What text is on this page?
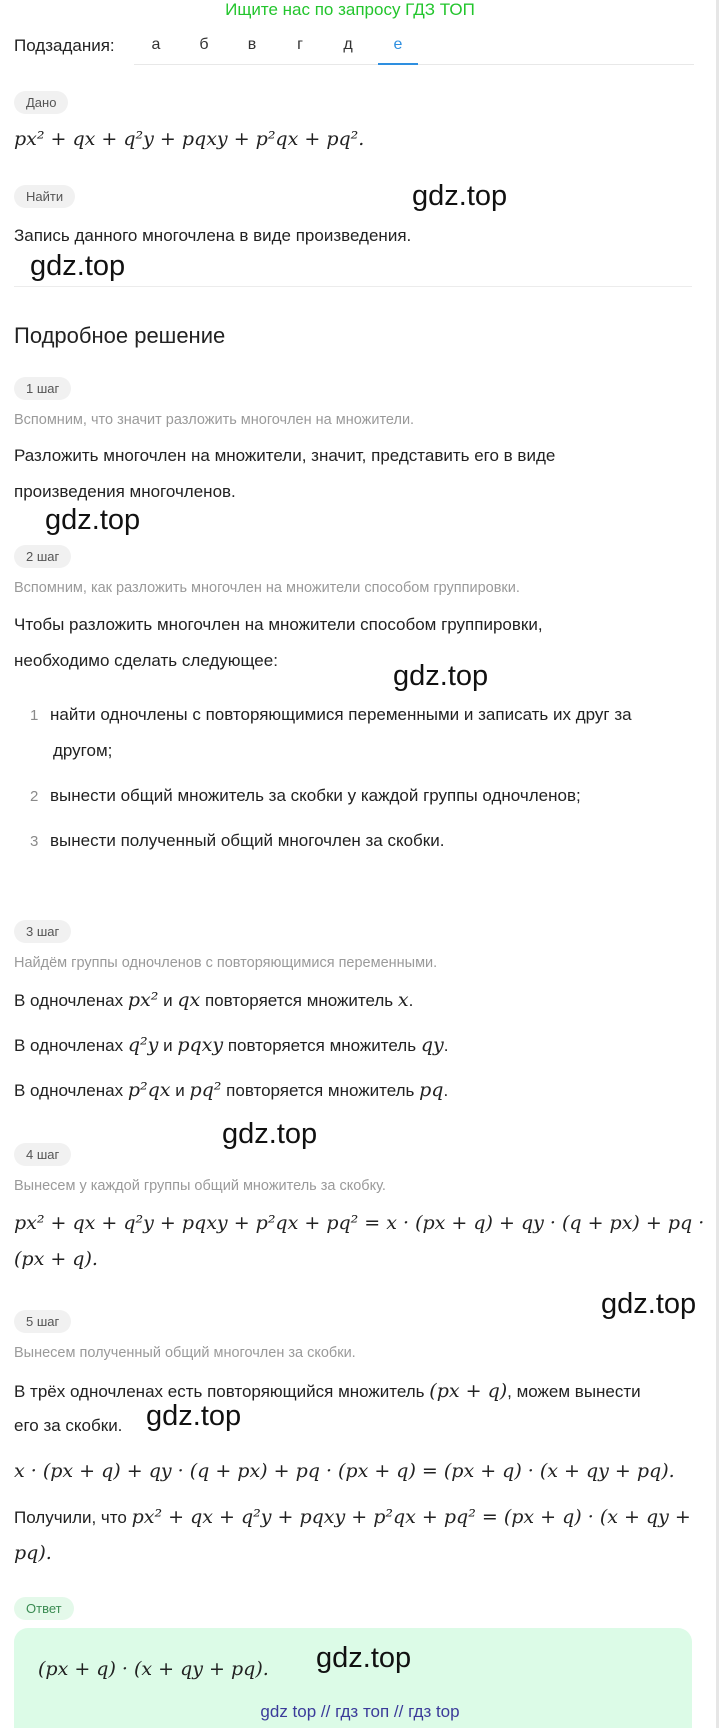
Ищите нас по запросу ГДЗ ТОП
Подзадания:	а	б	в	г	д	е
Дано
px² + qx + q²y + pqxy + p²qx + pq².
Найти	gdz.top
Запись данного многочлена в виде произведения.
gdz.top
Подробное решение
1 шаг
Вспомним, что значит разложить многочлен на множители.
Разложить многочлен на множители, значит, представить его в виде
произведения многочленов.
gdz.top
2 шаг
Вспомним, как разложить многочлен на множители способом группировки.
Чтобы разложить многочлен на множители способом группировки,
необходимо сделать следующее:	gdz.top
1 найти одночлены с повторяющимися переменными и записать их друг за
другом;
2 вынести общий множитель за скобки у каждой группы одночленов;
3 вынести полученный общий многочлен за скобки.
3 шаг
Найдём группы одночленов с повторяющимися переменными.
В одночленах px² и qx повторяется множитель x.
В одночленах q²y и pqxy повторяется множитель qy.
В одночленах p²qx и pq² повторяется множитель pq.
gdz.top
4 шаг
Вынесем у каждой группы общий множитель за скобку.
px² + qx + q²y + pqxy + p²qx + pq² = x · (px + q) + qy · (q + px) + pq ·
(px + q).
5 шаг
gdz.top
Вынесем полученный общий многочлен за скобки.
В трёх одночленах есть повторяющийся множитель (px + q), можем вынести
его за скобки. gdz.top
x · (px + q) + qy · (q + px) + pq · (px + q) = (px + q) · (x + qy + pq).
Получили, что px² + qx + q²y + pqxy + p²qx + pq² = (px + q) · (x + qy +
pq).
Ответ
(px + q) · (x + qy + pq). gdz.top
gdz top // гдз топ // гдз top
